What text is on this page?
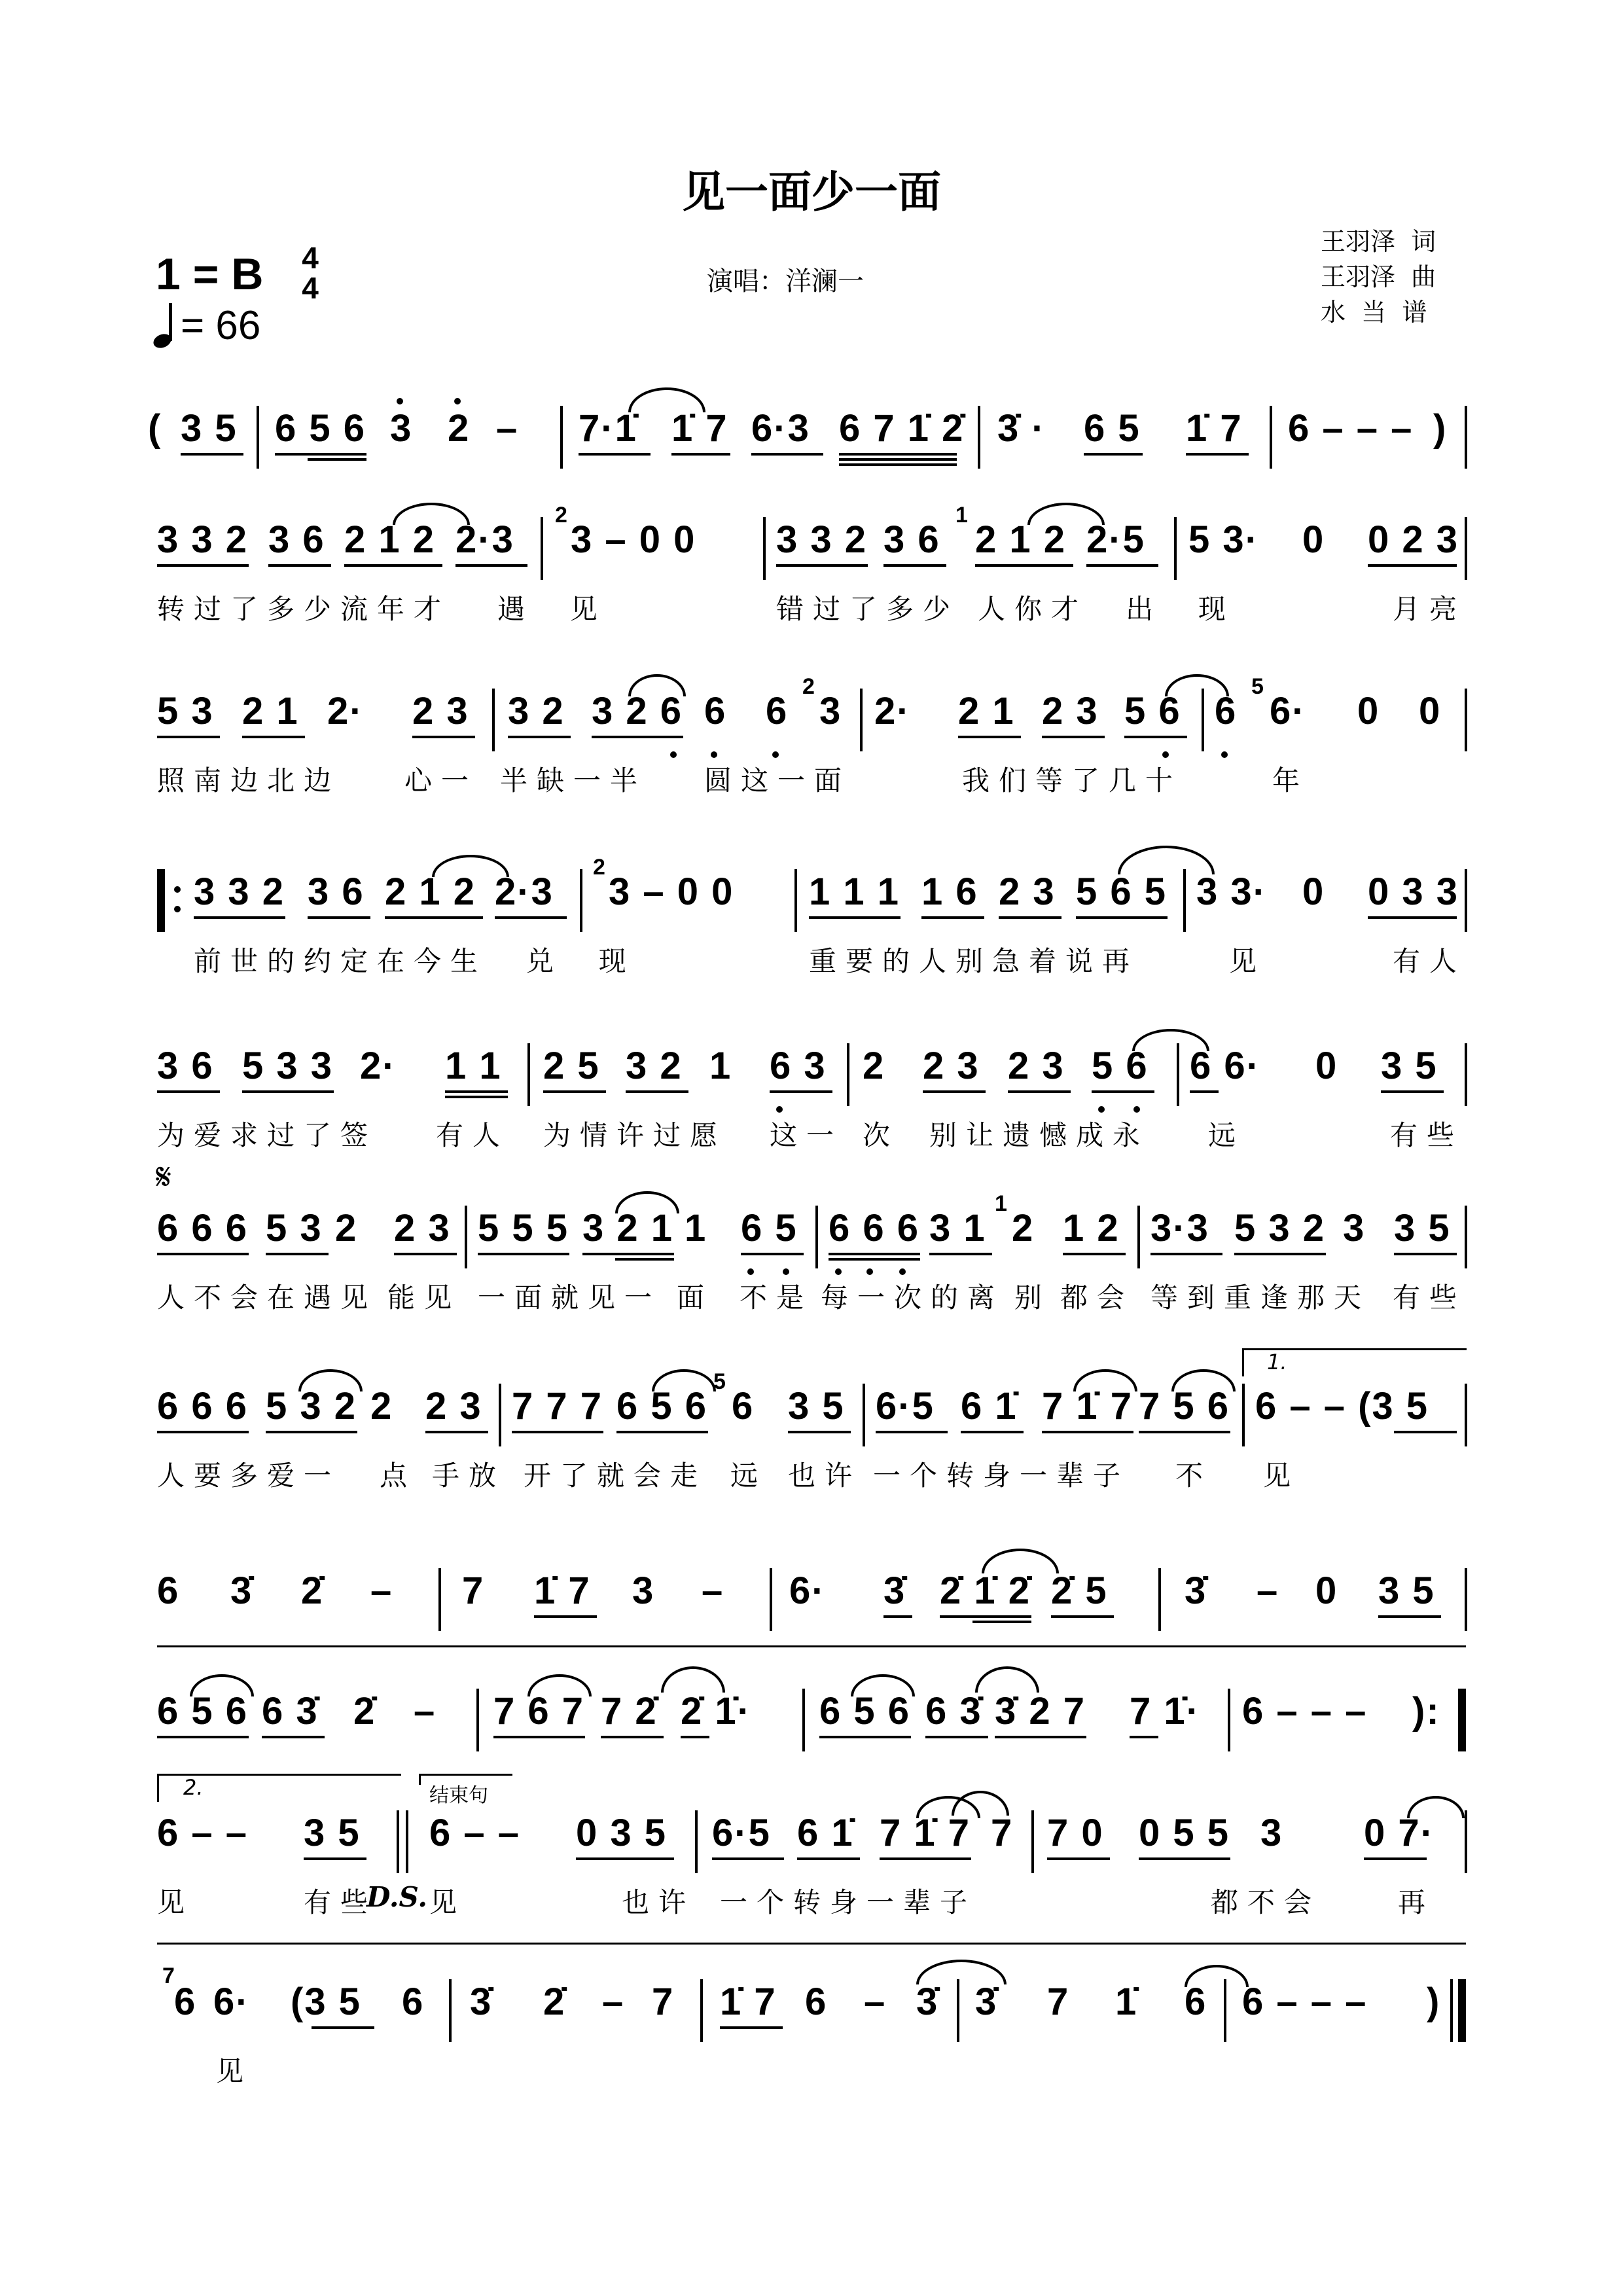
见一面少一面
1 = B 4
4
= 66
演唱：洋澜一
王羽泽  词
王羽泽  曲
水  当  谱
( 3 5 6 5 6 3 2 – 7·1̇ 1̇ 7 6·3 6 7 1̇ 2̇ 3̇ · 6 5 1̇ 7 6 – – – )
3 3 2 3 6 2 1 2 2·3
2
3 – 0 0 3 3 2 3 6
1
2 1 2 2·5 5 3· 0 0 2 3
转过了多少流年才 遇  见	错过了多少 人你才 出  现	月亮
5 3 2 1 2· 2 3 3 2 3 2 6 6 6
2
3 2· 2 1 2 3 5 6 6
5
6· 0 0
照南边北边 心一 半缺一半 圆这一面	我们等了几十	年
3 3 2 3 6 2 1 2 2·3
2
3 – 0 0 1 1 1 1 6 2 3 5 6 5 3 3· 0 0 3 3
前世的约定在今生 兑  现	重要的人别急着说再	见	有人
3 6 5 3 3 2· 1 1 2 5 3 2 1 6 3 2 2 3 2 3 5 6 6 6· 0 3 5
为爱求过了签 有人 为情许过愿 这一 次 别让遗憾成永 远	有些
𝄋
6 6 6 5 3 2 2 3 5 5 5 3 2 1 1 6 5 6 6 6 3 1
1
2 1 2 3·3 5 3 2 3 3 5
人不会在遇见 能见 一面就见一 面 不是 每一次的离 别 都会 等到重逢那天 有些
6 6 6 5 3 2 2 2 3 7 7 7 6 5 6
5
6 3 5 6·5 6 1̇ 7 1̇ 7 7 5 6
1.
6 – – (3 5
人要多爱一 点 手放 开了就会走 远 也许 一个转身一辈子 不 见
6 3̇ 2̇ – 7 1̇ 7 3 – 6· 3̇ 2̇ 1̇ 2̇ 2̇ 5 3̇ – 0 3 5
6 5 6 6 3̇ 2̇ – 7 6 7 7 2̇ 2̇ 1̇· 6 5 6 6 3̇ 3̇ 2 7 7 1̇· 6 – – – ):
2.
6 – – 3 5
结束句
6 – – 0 3 5 6·5 6 1̇ 7 1̇ 7 7 7 0 0 5 5 3 0 7·
见	有些
D.S. 见	也许 一个转身一辈子	都不会	再
7
6 6· (3 5 6 3̇ 2̇ – 7 1̇ 7 6 – 3̇ 3̇ 7 1̇ 6 6 – – – )
见
